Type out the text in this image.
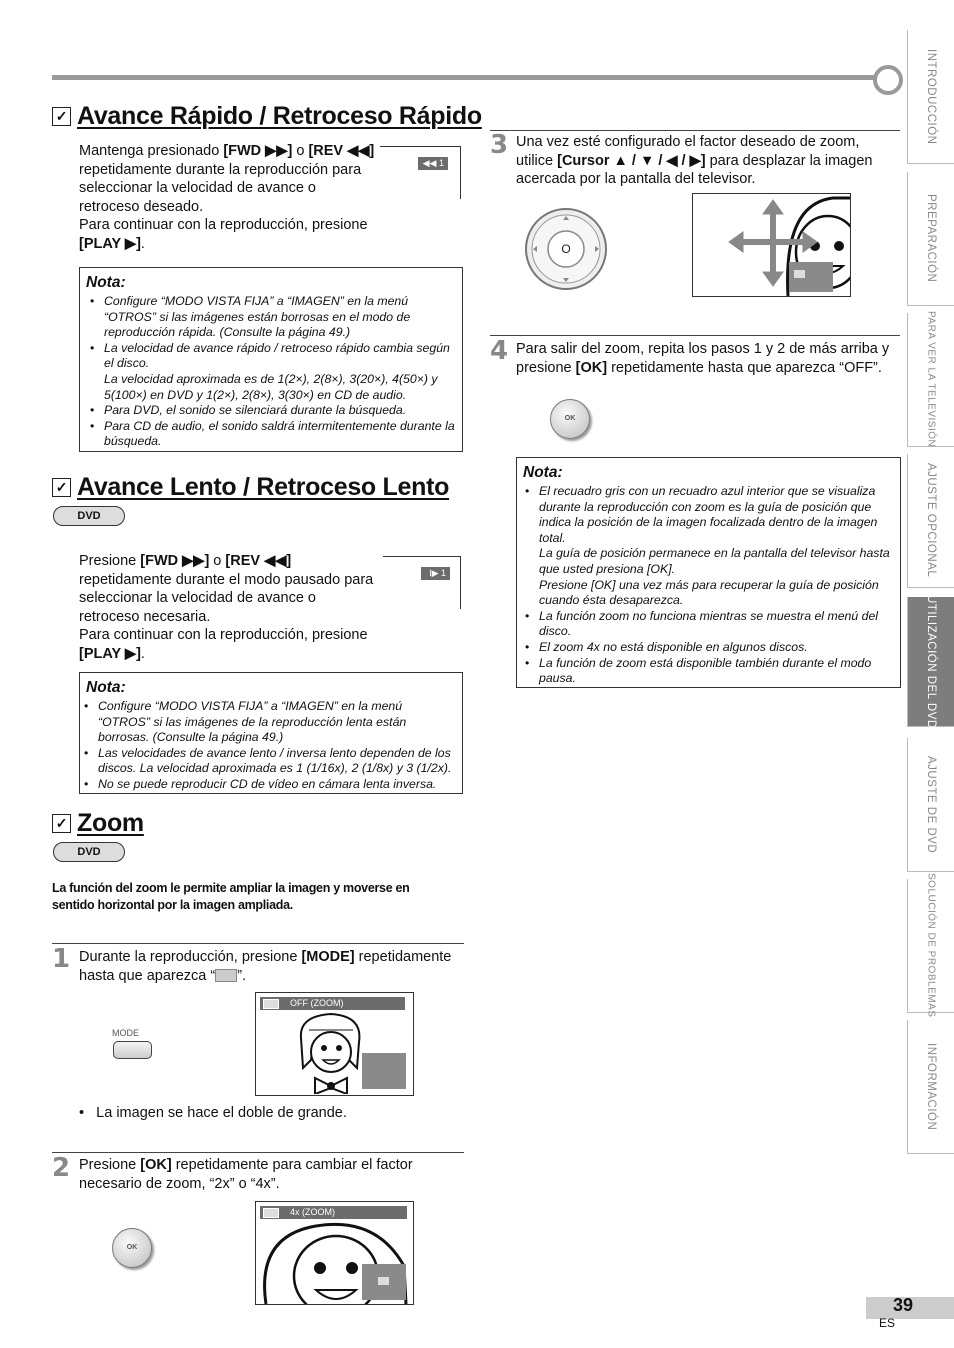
✓ Avance Rápido / Retroceso Rápido
Mantenga presionado [FWD ▶▶] o [REV ◀◀] repetidamente durante la reproducción para seleccionar la velocidad de avance o retroceso deseado.
Para continuar con la reproducción, presione [PLAY ▶].
◀◀ 1
Nota:
• Configure “MODO VISTA FIJA” a “IMAGEN” en la menú “OTROS” si las imágenes están borrosas en el modo de reproducción rápida. (Consulte la página 49.)
• La velocidad de avance rápido / retroceso rápido cambia según el disco.
La velocidad aproximada es de 1(2×), 2(8×), 3(20×), 4(50×) y 5(100×) en DVD y 1(2×), 2(8×), 3(30×) en CD de audio.
• Para DVD, el sonido se silenciará durante la búsqueda.
• Para CD de audio, el sonido saldrá intermitentemente durante la búsqueda.
✓ Avance Lento / Retroceso Lento
DVD
Presione [FWD ▶▶] o [REV ◀◀] repetidamente durante el modo pausado para seleccionar la velocidad de avance o retroceso necesaria.
Para continuar con la reproducción, presione [PLAY ▶].
I▶ 1
Nota:
• Configure “MODO VISTA FIJA” a “IMAGEN” en la menú “OTROS” si las imágenes de la reproducción lenta están borrosas. (Consulte la página 49.)
• Las velocidades de avance lento / inversa lento dependen de los discos. La velocidad aproximada es 1 (1/16x), 2 (1/8x) y 3 (1/2x).
• No se puede reproducir CD de vídeo en cámara lenta inversa.
✓ Zoom
DVD
La función del zoom le permite ampliar la imagen y moverse en sentido horizontal por la imagen ampliada.
1 Durante la reproducción, presione [MODE] repetidamente hasta que aparezca “ ”.
MODE
OFF (ZOOM)
•   La imagen se hace el doble de grande.
2 Presione [OK] repetidamente para cambiar el factor necesario de zoom, “2x” o “4x”.
OK
4x (ZOOM)
3 Una vez esté configurado el factor deseado de zoom, utilice [Cursor ▲ / ▼ / ◀ / ▶] para desplazar la imagen acercada por la pantalla del televisor.
O
4 Para salir del zoom, repita los pasos 1 y 2 de más arriba y presione [OK] repetidamente hasta que aparezca “OFF”.
OK
Nota:
• El recuadro gris con un recuadro azul interior que se visualiza durante la reproducción con zoom es la guía de posición que indica la posición de la imagen focalizada dentro de la imagen total.
La guía de posición permanece en la pantalla del televisor hasta que usted presiona [OK].
Presione [OK] una vez más para recuperar la guía de posición cuando ésta desaparezca.
• La función zoom no funciona mientras se muestra el menú del disco.
• El zoom 4x no está disponible en algunos discos.
• La función de zoom está disponible también durante el modo pausa.
INTRODUCCIÓN
PREPARACIÓN
PARA VER LA TELEVISIÓN
AJUSTE OPCIONAL
UTILIZACIÓN DEL DVD
AJUSTE DE DVD
SOLUCIÓN DE PROBLEMAS
INFORMACIÓN
39
ES
